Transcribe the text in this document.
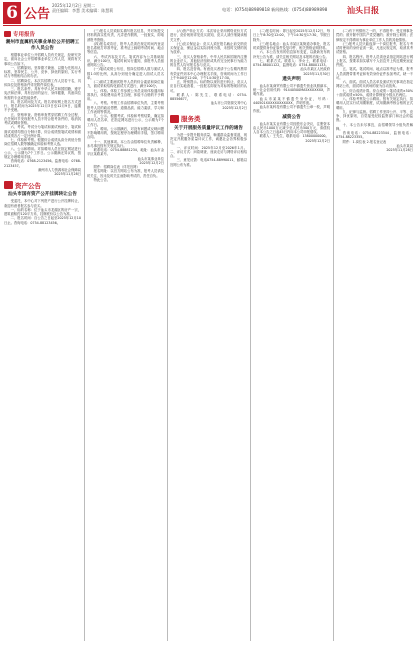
6 公告
2025年12月2日 星期二
责任编辑：李慧 美术编辑：陈慧莉	电话：(0754)88989818 新闻热线：(0754)88989898 汕头日报
专用报告
潮州市直属机关事业单位公开招聘工作人员公告
根据事业单位公开招聘人员有关规定，经研究决定，面向社会公开招聘事业单位工作人员，现将有关事项公告如下。
一、招聘原则。坚持德才兼备、以德为先的用人标准，坚持民主、公开、竞争、择优的原则，实行考试与考察相结合的办法。
二、招聘岗位。本次共招聘工作人员若干名，具体岗位及资格条件详见附件岗位表。
三、报名条件。具有中华人民共和国国籍，遵守宪法和法律，具有良好的品行，身体健康，具备岗位所需的专业或技能条件。
四、报名时间及方式。报名采取网上报名方式进行，报名时间为2025年12月3日至12月9日，逾期不予受理。
五、资格审查。资格审查贯穿招聘工作全过程，在任何环节发现报考人员不符合报考条件的，取消其考试或聘用资格。
六、考试。考试分为笔试和面试两部分，笔试和面试成绩均按百分制计算，综合成绩按笔试成绩和面试成绩各占一定比例计算。
七、体检和考察。根据综合成绩从高分到低分按岗位招聘人数等额确定体检和考察人选。
八、公示和聘用。对拟聘用人员在指定网站进行公示，公示期为7个工作日。公示期满无异议的，按规定办理聘用手续。
咨询电话：0768-2123456。监督电话：0768-2123457。
潮州市人力资源和社会保障局
2025年11月28日
资产公告
汕头市国有资产公开挂牌转让公告
受委托，本中心对下列资产进行公开挂牌转让，欢迎有意者报名参与竞买。
一、标的名称：位于汕头市龙湖区的房产一宗，建筑面积约120平方米，挂牌底价以公告为准。
二、报名时间：自公告之日起至2025年12月10日止。咨询电话：0754-88123456。
(三)报名人员须如实填写报名信息，并对所提交材料的真实性负责，凡弄虚作假的，一经查实，即取消报考资格。
(四)报名成功后，报考人员须在规定时间内登录报名系统打印准考证，准考证上载明考试时间、地点等信息。
六、考试内容及方式。笔试内容为公共基础知识，满分100分，笔试时间另行通知，请报考人员留意网站公告。
(一)笔试成绩公布后，按岗位招聘人数与面试人数1:3的比例，从高分到低分确定进入面试人员名单。
(二)面试主要测试报考人员的综合素质和岗位能力，面试采取结构化面试方式进行，满分100分。
七、体检。体检工作参照公务员录用体检通用标准执行，体检费用由考生自理，体检不合格的不予聘用。
八、考察。考察工作由招聘单位负责，主要考察报考人员的政治思想、道德品质、能力素质、学习和工作表现等情况。
九、公示。根据考试、体检和考察结果，确定拟聘用人员名单，在指定网站进行公示，公示期为7个工作日。
十、聘用。公示期满后，对没有问题或反映问题不影响聘用的，按规定程序办理聘用手续，签订聘用合同。
十一、其他事项。本公告由招聘单位负责解释，未尽事宜按有关规定执行。
联系电话：0754-88881234，地址：汕头市金平区某路某号。
汕头市某事业单位
2025年12月2日
附件：招聘岗位表（详见官网）
报名网址：以官方网站公布为准，报考人员请及时关注，因未及时关注而影响考试的，责任自负。
特此公告。
(六)资产转让方式：本次转让采用网络竞价方式进行，竞价规则详见竞买须知，竞买人须仔细阅读相关文件。
(七)竞买保证金：竞买人须在报名截止前交纳竞买保证金，保证金以实际到账为准，未按时交纳的视为放弃。
三、竞买人资格条件。中华人民共和国境内注册的企业法人、其他经济组织或具有完全民事行为能力的自然人均可报名参与竞买。
四、报名及咨询。有意竞买者请于公告期内携带有效证件到本中心办理报名手续，咨询时间为工作日上午9:00至12:00，下午14:30至17:30。
五、特别提示。标的物以现状进行转让，竞买人应自行实地查看，一经报名即视为对标的物现状的认可。
联系人：陈先生，联系电话：0754-88556677。
汕头市公共资源交易中心
2025年12月2日
服务类
关于开展服务质量评议工作的通告
为进一步提升服务质量，畅通群众监督渠道，现决定开展服务质量评议工作，诚邀社会各界积极参与。
一、评议时间：2025年12月至2026年1月。二、评议方式：问卷调查、座谈走访与网络评议相结合。
三、意见反馈：电话0754-88990011，邮箱以官网公布为准。
(二)报名时间：即日起至2025年12月12日，每日上午8:30至12:00，下午14:30至17:30，节假日除外。
(三)报名地点：汕头市某区某街道办事处，报名时须提供身份证原件及复印件、相关资格证明材料。
六、本公告发布的信息如有变更，以最新发布的补充公告为准，请关注相关网站及本报的后续公告。
七、联系方式。联系人：李女士，联系电话：0754-88001122，监督电话：0754-88001133。
汕头市某区人民政府
2025年11月30日
遗失声明
汕头市某商贸有限公司不慎遗失营业执照副本，统一社会信用代码：91440500MA5XXXXXXX，声明作废。
汕头市某某不慎遗失身份证，号码：440501XXXXXXXXXXXX，声明作废。
汕头市某科技有限公司不慎遗失公章一枚，声明作废。
减资公告
汕头市某实业有限公司经股东会决议，注册资本由人民币1000万元减少至人民币500万元，请债权人自本公告之日起45日内向本公司申报债权。
联系人：王先生，联系电话：13800000000。
2025年12月2日
(二)有下列情形之一的，不得报考：受过刑事处罚的；被开除中国共产党党籍的；被开除公职的；法律规定不得聘用为事业单位工作人员的其他情形。
(三)报考人员只能选择一个岗位报考，报名与考试时使用的身份证须一致，凡违反规定的，取消其考试资格。
四、报名程序。报考人员须登录指定网站进行网上报名，按要求如实填写个人信息并上传近期免冠证件照。
五、笔试。笔试时间、地点以准考证为准，报考人员须携带准考证和有效身份证件参加考试，缺一不可。
六、面试。面试人员名单及面试有关事项在指定网站公布，面试时未到场的视为自动放弃。
七、综合成绩计算。综合成绩＝笔试成绩×50%＋面试成绩×50%，成绩计算保留小数点后两位。
八、体检考察及公示聘用。按有关规定执行，拟聘用人员实行试用期制度，试用期满考核合格的正式聘用。
九、纪律与监督。招聘工作坚持公开、平等、竞争、择优原则，自觉接受纪检监察部门和社会的监督。
十、本公告未尽事宜，由招聘领导小组负责解释。
咨询电话：0754-88223344，监督电话：0754-88223355。
附件：1.岗位表 2.报名登记表
汕头市某局
2025年11月28日
